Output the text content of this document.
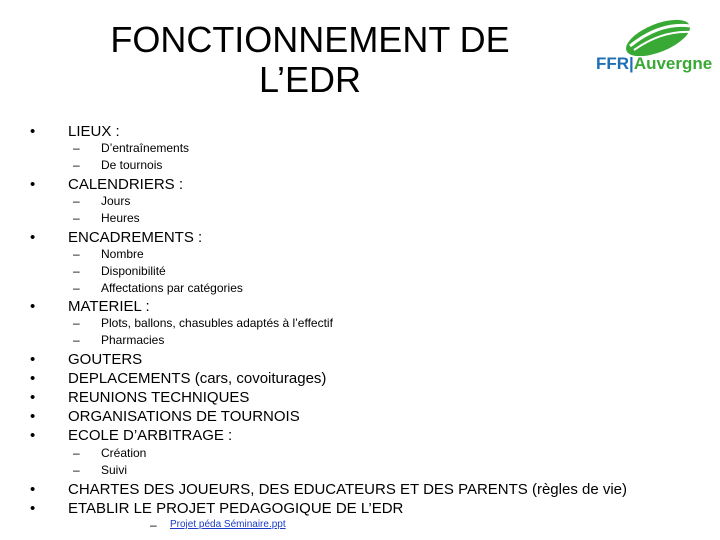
FONCTIONNEMENT DE
L’EDR	FFR|Auvergne
•	LIEUX :
– D’entraînements
– De tournois
•	CALENDRIERS :
– Jours
– Heures
•	ENCADREMENTS :
– Nombre
– Disponibilité
– Affectations par catégories
•	MATERIEL :
– Plots, ballons, chasubles adaptés à l’effectif
– Pharmacies
•	GOUTERS
•	DEPLACEMENTS (cars, covoiturages)
•	REUNIONS TECHNIQUES
•	ORGANISATIONS DE TOURNOIS
•	ECOLE D’ARBITRAGE :
– Création
– Suivi
•	CHARTES DES JOUEURS, DES EDUCATEURS ET DES PARENTS (règles de vie)
•	ETABLIR LE PROJET PEDAGOGIQUE DE L’EDR
– Projet péda Séminaire.ppt
